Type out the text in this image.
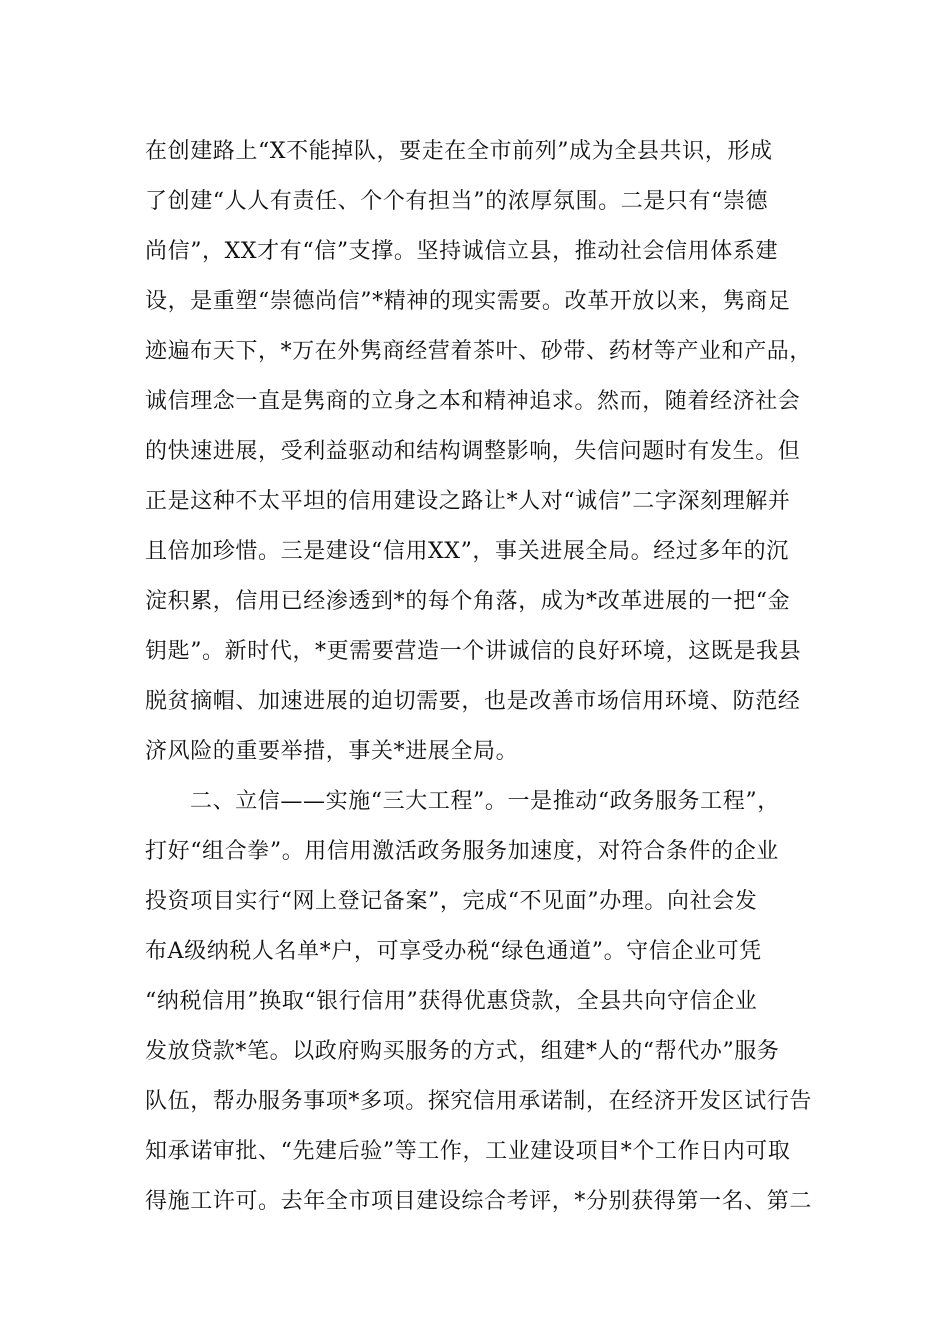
在创建路上“X不能掉队，要走在全市前列”成为全县共识，形成
了创建“人人有责任、个个有担当”的浓厚氛围。二是只有“崇德
尚信”，XX才有“信”支撑。坚持诚信立县，推动社会信用体系建
设，是重塑“崇德尚信”*精神的现实需要。改革开放以来，隽商足
迹遍布天下，*万在外隽商经营着茶叶、砂带、药材等产业和产品，
诚信理念一直是隽商的立身之本和精神追求。然而，随着经济社会
的快速进展，受利益驱动和结构调整影响，失信问题时有发生。但
正是这种不太平坦的信用建设之路让*人对“诚信”二字深刻理解并
且倍加珍惜。三是建设“信用XX”，事关进展全局。经过多年的沉
淀积累，信用已经渗透到*的每个角落，成为*改革进展的一把“金
钥匙”。新时代，*更需要营造一个讲诚信的良好环境，这既是我县
脱贫摘帽、加速进展的迫切需要，也是改善市场信用环境、防范经
济风险的重要举措，事关*进展全局。
二、立信——实施“三大工程”。一是推动“政务服务工程”，
打好“组合拳”。用信用激活政务服务加速度，对符合条件的企业
投资项目实行“网上登记备案”，完成“不见面”办理。向社会发
布A级纳税人名单*户，可享受办税“绿色通道”。守信企业可凭
“纳税信用”换取“银行信用”获得优惠贷款，全县共向守信企业
发放贷款*笔。以政府购买服务的方式，组建*人的“帮代办”服务
队伍，帮办服务事项*多项。探究信用承诺制，在经济开发区试行告
知承诺审批、“先建后验”等工作，工业建设项目*个工作日内可取
得施工许可。去年全市项目建设综合考评，*分别获得第一名、第二
